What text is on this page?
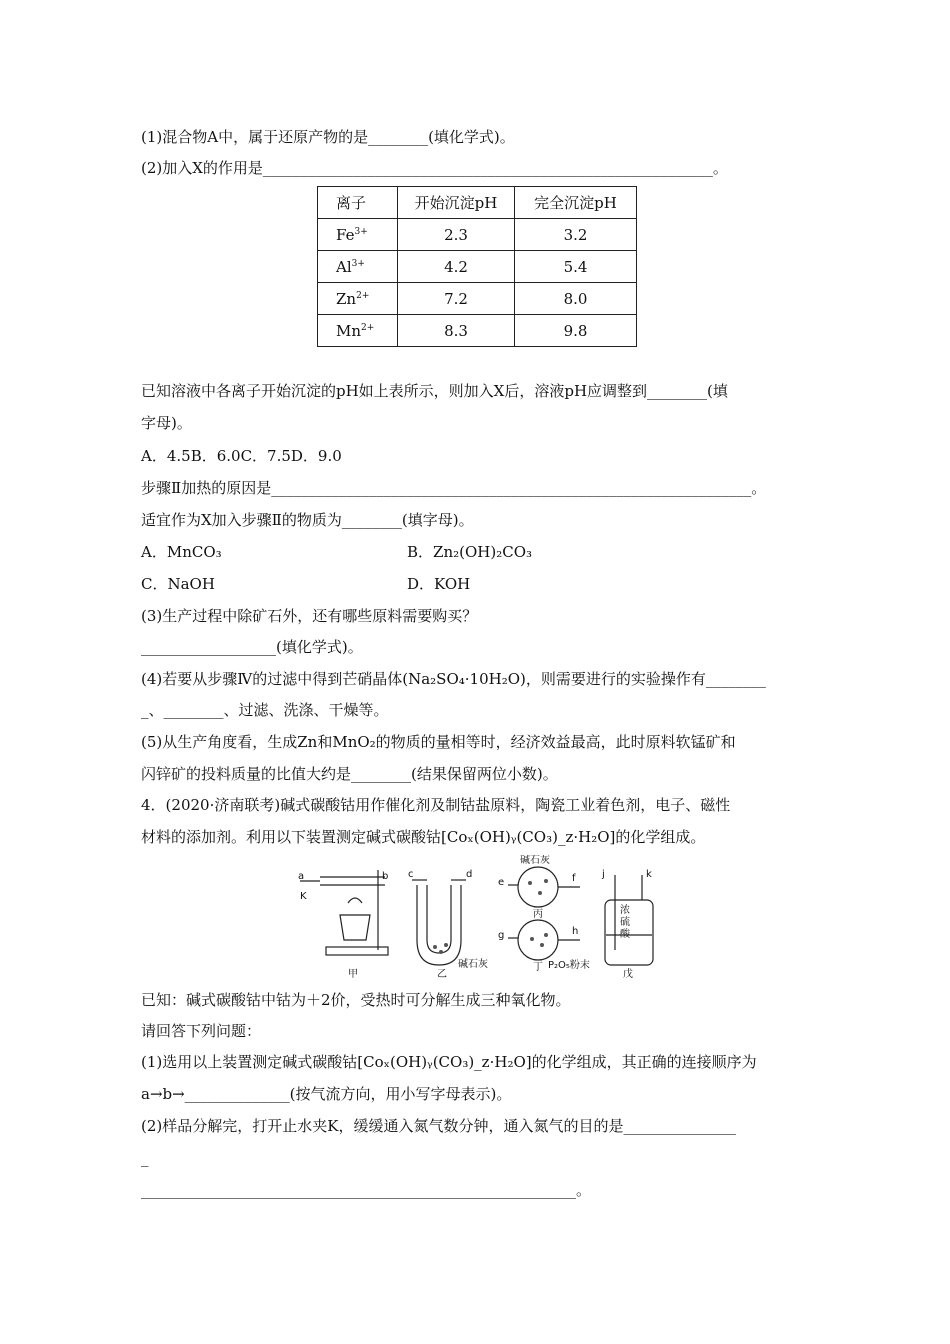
(1)混合物A中，属于还原产物的是________(填化学式)。
(2)加入X的作用是____________________________________________________________。
离子	开始沉淀pH	完全沉淀pH
$Fe^{3+}$	2.3	3.2
$Al^{3+}$	4.2	5.4
$Zn^{2+}$	7.2	8.0
$Mn^{2+}$	8.3	9.8
已知溶液中各离子开始沉淀的pH如上表所示，则加入X后，溶液pH应调整到________(填
字母)。
A．4.5B．6.0C．7.5D．9.0
步骤Ⅱ加热的原因是________________________________________________________________。
适宜作为X加入步骤Ⅱ的物质为________(填字母)。
A．MnCO₃	B．Zn₂(OH)₂CO₃
C．NaOH	D．KOH
(3)生产过程中除矿石外，还有哪些原料需要购买？
__________________(填化学式)。
(4)若要从步骤Ⅳ的过滤中得到芒硝晶体(Na₂SO₄·10H₂O)，则需要进行的实验操作有________
_、________、过滤、洗涤、干燥等。
(5)从生产角度看，生成Zn和MnO₂的物质的量相等时，经济效益最高，此时原料软锰矿和
闪锌矿的投料质量的比值大约是________(结果保留两位小数)。
4．(2020·济南联考)碱式碳酸钴用作催化剂及制钴盐原料，陶瓷工业着色剂，电子、磁性
材料的添加剂。利用以下装置测定碱式碳酸钴[Coₓ(OH)ᵧ(CO₃)_z·H₂O]的化学组成。
a	b
K
c	d
e	f
g	h
j	k
碱石灰
碱石灰	P₂O₅粉末
浓
硫
酸
甲	乙
丙
丁
戊
已知：碱式碳酸钴中钴为＋2价，受热时可分解生成三种氧化物。
请回答下列问题：
(1)选用以上装置测定碱式碳酸钴[Coₓ(OH)ᵧ(CO₃)_z·H₂O]的化学组成，其正确的连接顺序为
a→b→______________(按气流方向，用小写字母表示)。
(2)样品分解完，打开止水夹K，缓缓通入氮气数分钟，通入氮气的目的是_______________
_
__________________________________________________________。
